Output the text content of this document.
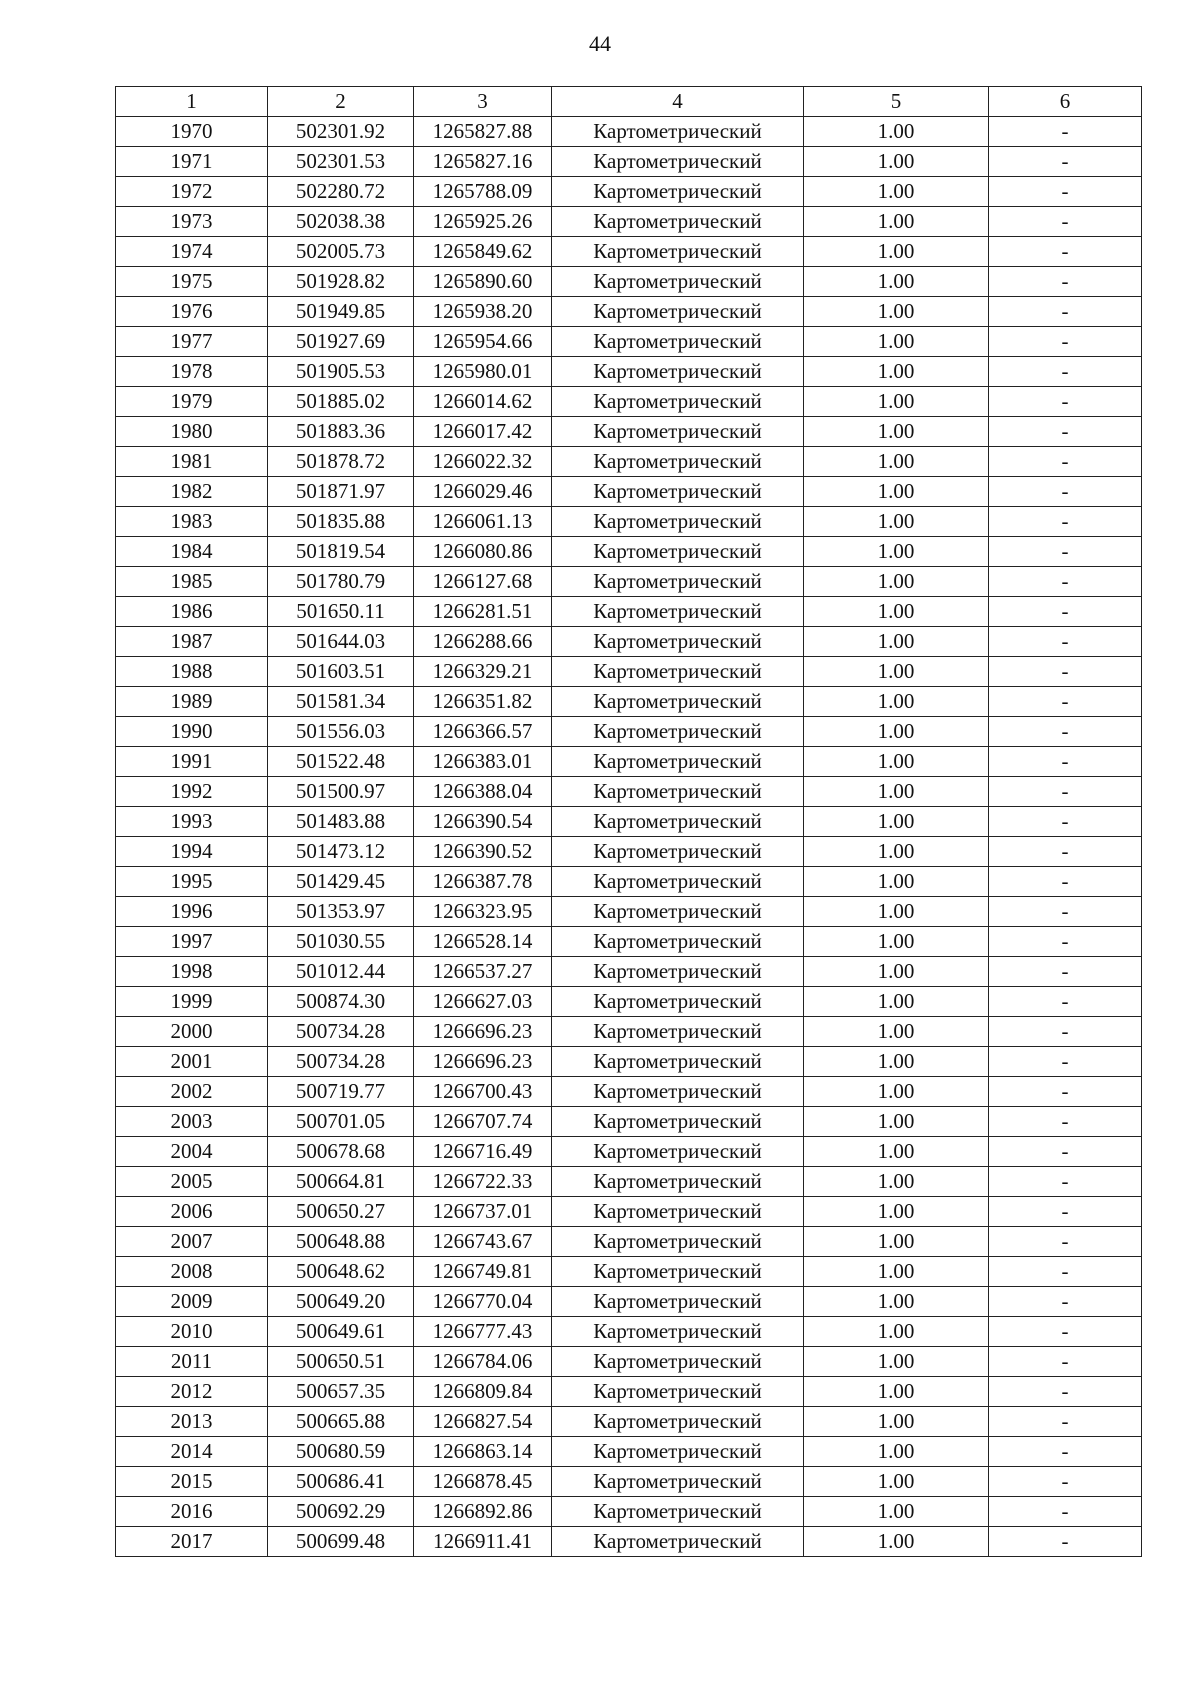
44
1	2	3	4	5	6
1970	502301.92	1265827.88	Картометрический	1.00	-
1971	502301.53	1265827.16	Картометрический	1.00	-
1972	502280.72	1265788.09	Картометрический	1.00	-
1973	502038.38	1265925.26	Картометрический	1.00	-
1974	502005.73	1265849.62	Картометрический	1.00	-
1975	501928.82	1265890.60	Картометрический	1.00	-
1976	501949.85	1265938.20	Картометрический	1.00	-
1977	501927.69	1265954.66	Картометрический	1.00	-
1978	501905.53	1265980.01	Картометрический	1.00	-
1979	501885.02	1266014.62	Картометрический	1.00	-
1980	501883.36	1266017.42	Картометрический	1.00	-
1981	501878.72	1266022.32	Картометрический	1.00	-
1982	501871.97	1266029.46	Картометрический	1.00	-
1983	501835.88	1266061.13	Картометрический	1.00	-
1984	501819.54	1266080.86	Картометрический	1.00	-
1985	501780.79	1266127.68	Картометрический	1.00	-
1986	501650.11	1266281.51	Картометрический	1.00	-
1987	501644.03	1266288.66	Картометрический	1.00	-
1988	501603.51	1266329.21	Картометрический	1.00	-
1989	501581.34	1266351.82	Картометрический	1.00	-
1990	501556.03	1266366.57	Картометрический	1.00	-
1991	501522.48	1266383.01	Картометрический	1.00	-
1992	501500.97	1266388.04	Картометрический	1.00	-
1993	501483.88	1266390.54	Картометрический	1.00	-
1994	501473.12	1266390.52	Картометрический	1.00	-
1995	501429.45	1266387.78	Картометрический	1.00	-
1996	501353.97	1266323.95	Картометрический	1.00	-
1997	501030.55	1266528.14	Картометрический	1.00	-
1998	501012.44	1266537.27	Картометрический	1.00	-
1999	500874.30	1266627.03	Картометрический	1.00	-
2000	500734.28	1266696.23	Картометрический	1.00	-
2001	500734.28	1266696.23	Картометрический	1.00	-
2002	500719.77	1266700.43	Картометрический	1.00	-
2003	500701.05	1266707.74	Картометрический	1.00	-
2004	500678.68	1266716.49	Картометрический	1.00	-
2005	500664.81	1266722.33	Картометрический	1.00	-
2006	500650.27	1266737.01	Картометрический	1.00	-
2007	500648.88	1266743.67	Картометрический	1.00	-
2008	500648.62	1266749.81	Картометрический	1.00	-
2009	500649.20	1266770.04	Картометрический	1.00	-
2010	500649.61	1266777.43	Картометрический	1.00	-
2011	500650.51	1266784.06	Картометрический	1.00	-
2012	500657.35	1266809.84	Картометрический	1.00	-
2013	500665.88	1266827.54	Картометрический	1.00	-
2014	500680.59	1266863.14	Картометрический	1.00	-
2015	500686.41	1266878.45	Картометрический	1.00	-
2016	500692.29	1266892.86	Картометрический	1.00	-
2017	500699.48	1266911.41	Картометрический	1.00	-
